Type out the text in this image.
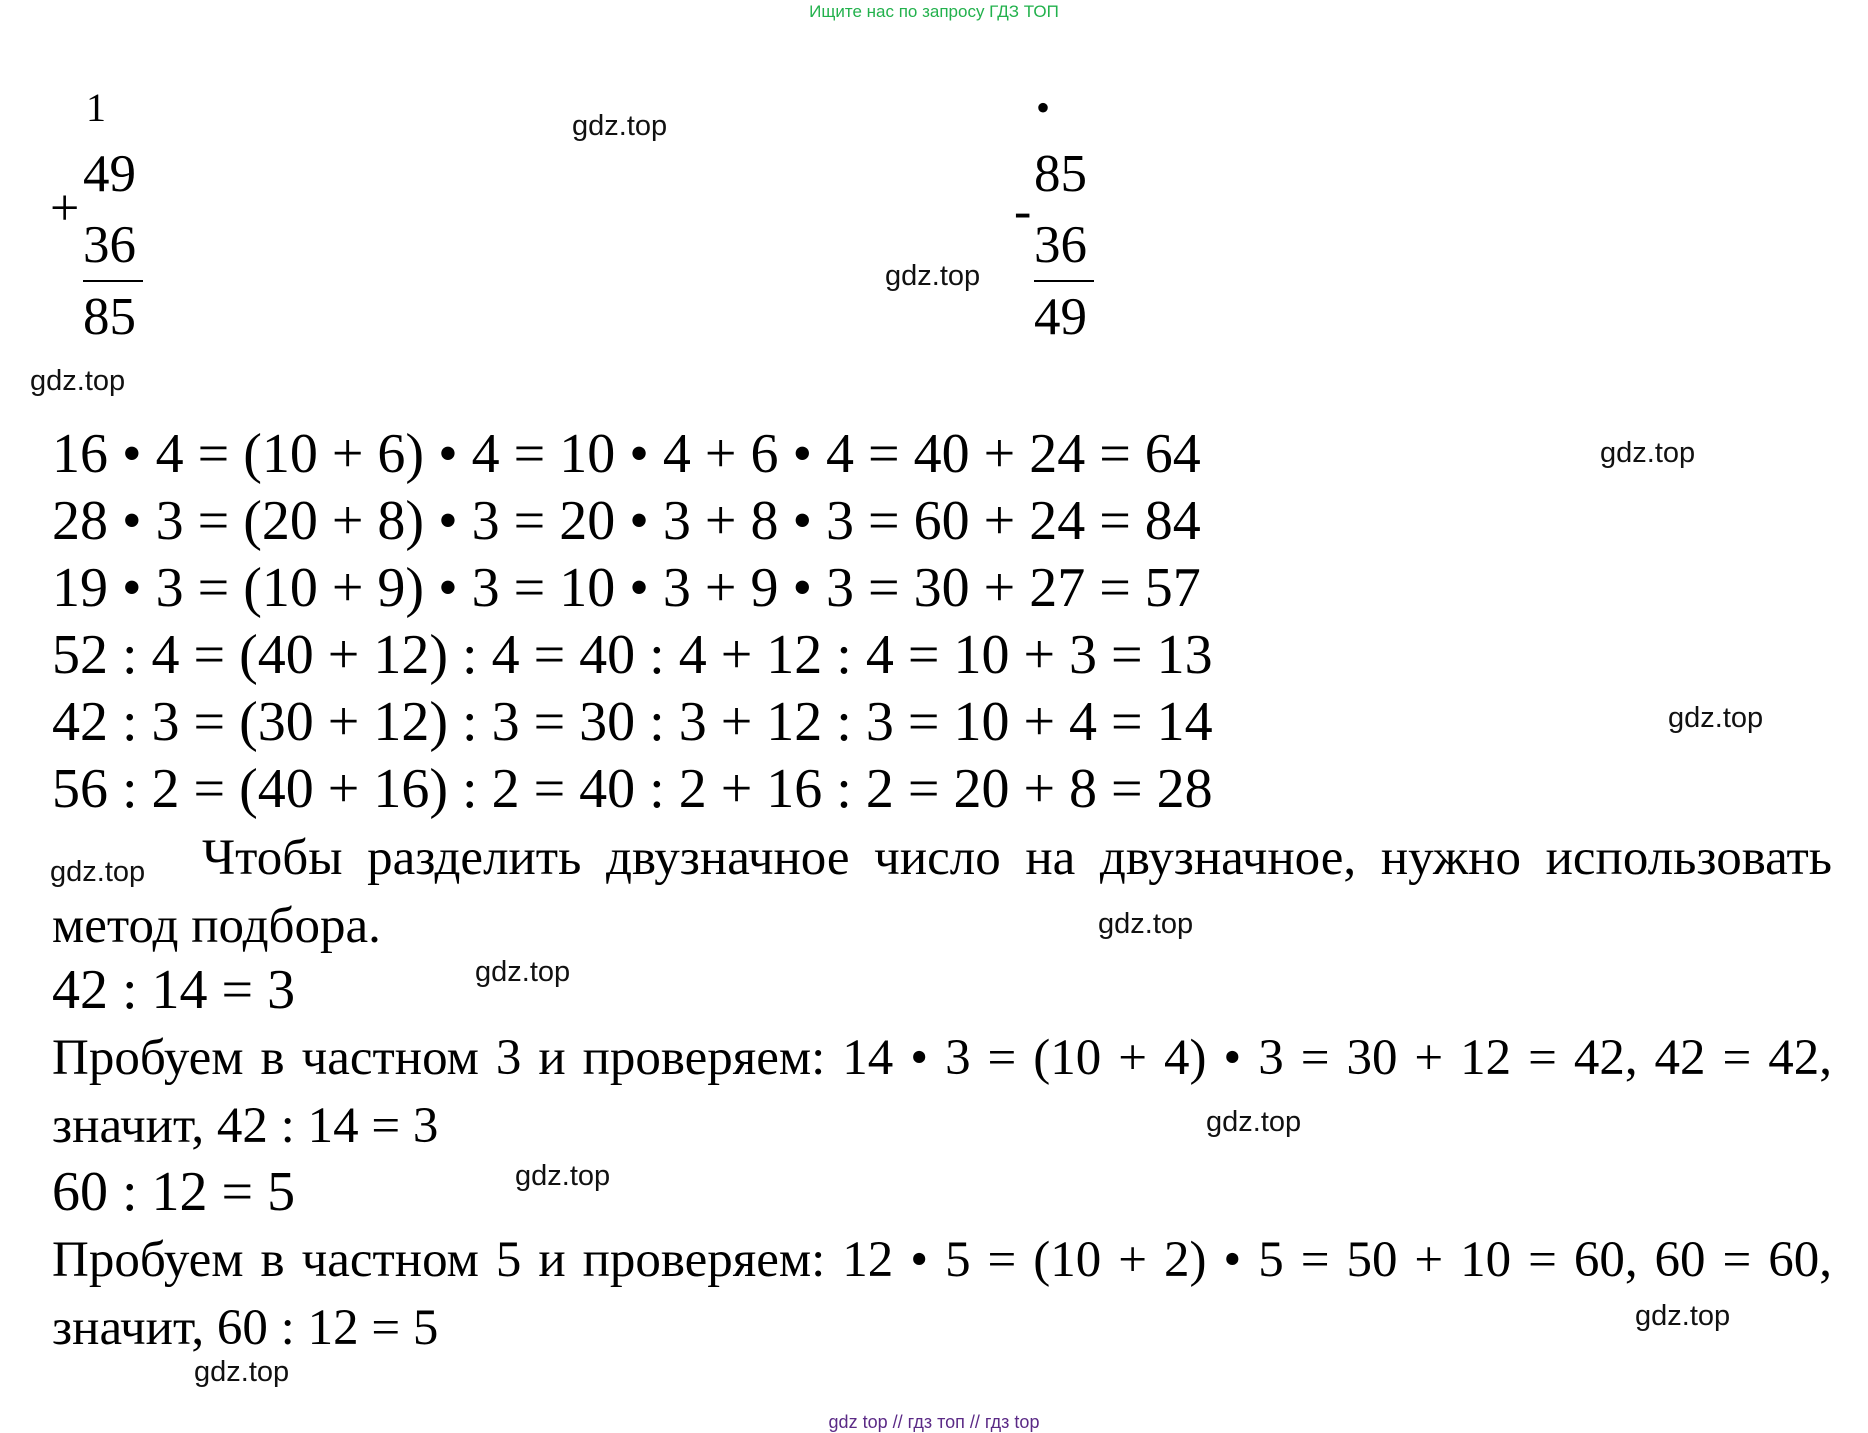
Ищите нас по запросу ГДЗ ТОП
1
+
49
36
85
•
-
85
36
49
16 • 4 = (10 + 6) • 4 = 10 • 4 + 6 • 4 = 40 + 24 = 64
28 • 3 = (20 + 8) • 3 = 20 • 3 + 8 • 3 = 60 + 24 = 84
19 • 3 = (10 + 9) • 3 = 10 • 3 + 9 • 3 = 30 + 27 = 57
52 : 4 = (40 + 12) : 4 = 40 : 4 + 12 : 4 = 10 + 3 = 13
42 : 3 = (30 + 12) : 3 = 30 : 3 + 12 : 3 = 10 + 4 = 14
56 : 2 = (40 + 16) : 2 = 40 : 2 + 16 : 2 = 20 + 8 = 28
Чтобы разделить двузначное число на двузначное, нужно использовать метод подбора.
42 : 14 = 3
Пробуем в частном 3 и проверяем: 14 • 3 = (10 + 4) • 3 = 30 + 12 = 42, 42 = 42, значит, 42 : 14 = 3
60 : 12 = 5
Пробуем в частном 5 и проверяем: 12 • 5 = (10 + 2) • 5 = 50 + 10 = 60, 60 = 60, значит, 60 : 12 = 5
gdz.top
gdz.top
gdz.top
gdz.top
gdz.top
gdz.top
gdz.top
gdz.top
gdz.top
gdz.top
gdz.top
gdz.top
gdz top // гдз топ // гдз top
